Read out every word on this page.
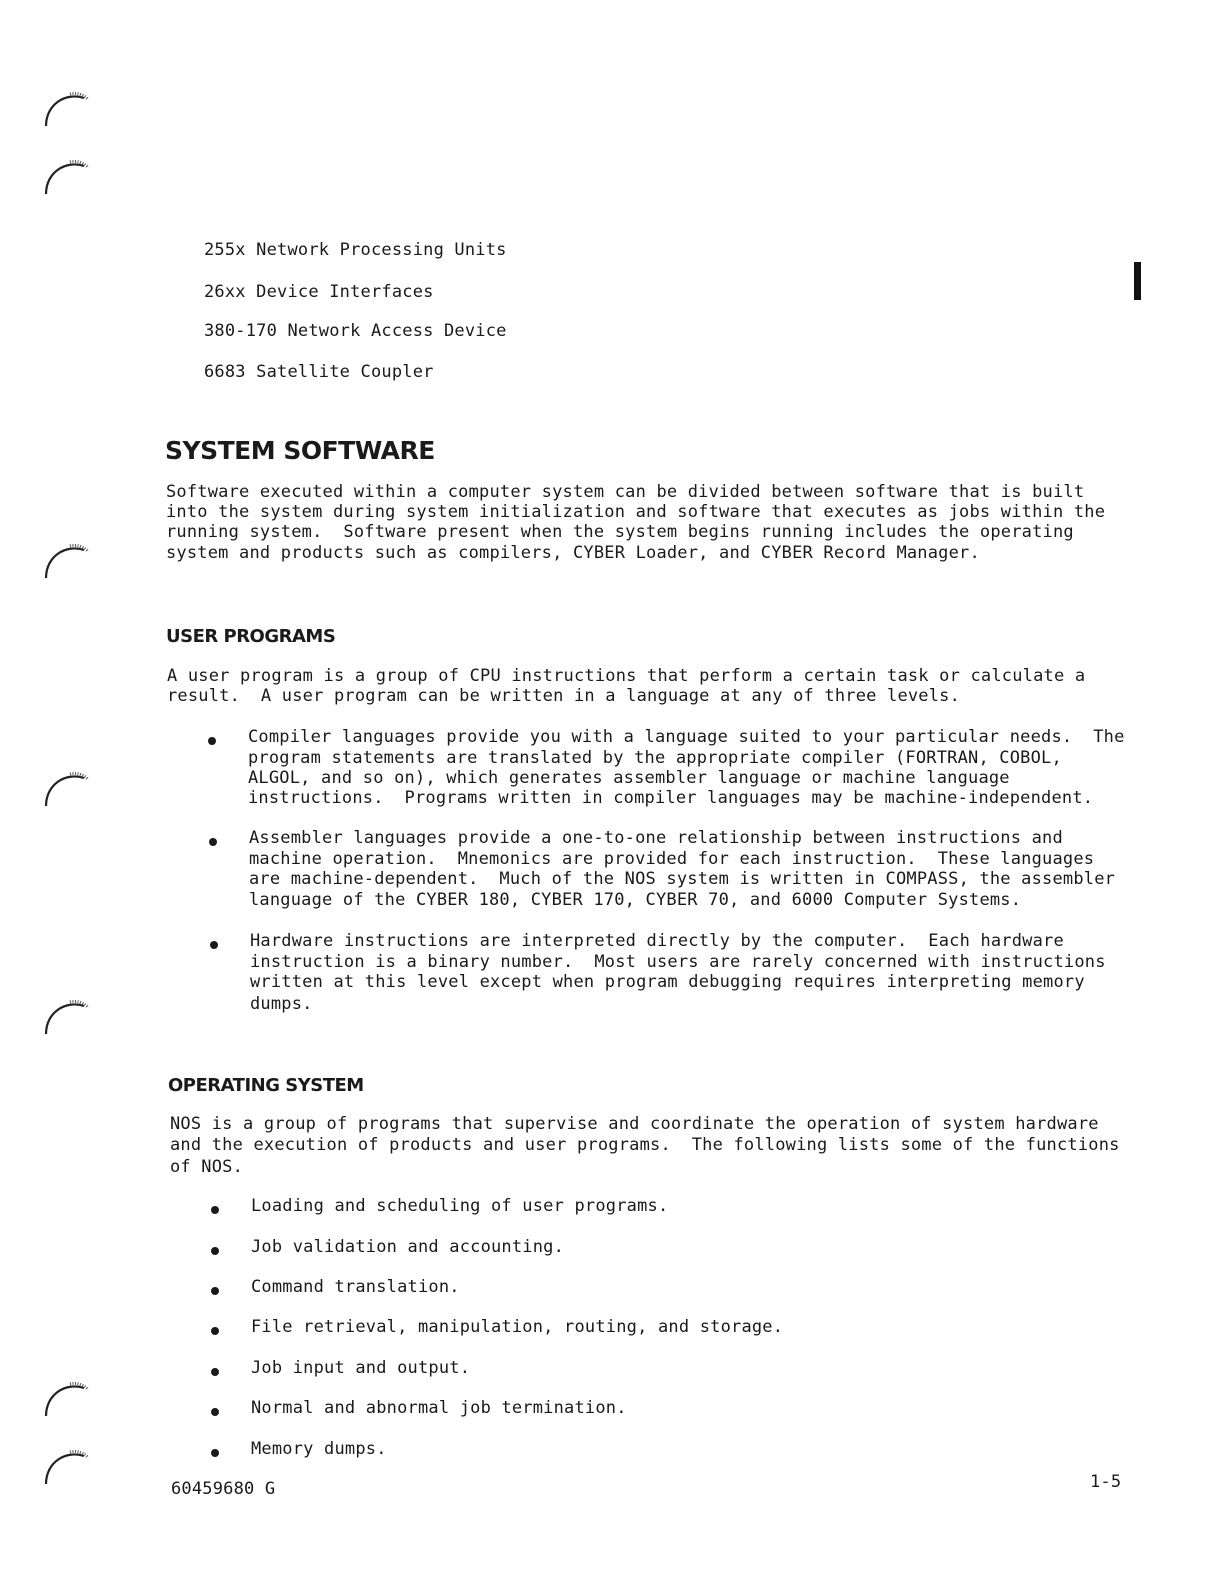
255x Network Processing Units
26xx Device Interfaces
380-170 Network Access Device
6683 Satellite Coupler
SYSTEM SOFTWARE
Software executed within a computer system can be divided between software that is built
into the system during system initialization and software that executes as jobs within the
running system.  Software present when the system begins running includes the operating
system and products such as compilers, CYBER Loader, and CYBER Record Manager.
USER PROGRAMS
A user program is a group of CPU instructions that perform a certain task or calculate a
result.  A user program can be written in a language at any of three levels.
Compiler languages provide you with a language suited to your particular needs.  The
program statements are translated by the appropriate compiler (FORTRAN, COBOL,
ALGOL, and so on), which generates assembler language or machine language
instructions.  Programs written in compiler languages may be machine-independent.
Assembler languages provide a one-to-one relationship between instructions and
machine operation.  Mnemonics are provided for each instruction.  These languages
are machine-dependent.  Much of the NOS system is written in COMPASS, the assembler
language of the CYBER 180, CYBER 170, CYBER 70, and 6000 Computer Systems.
Hardware instructions are interpreted directly by the computer.  Each hardware
instruction is a binary number.  Most users are rarely concerned with instructions
written at this level except when program debugging requires interpreting memory
dumps.
OPERATING SYSTEM
NOS is a group of programs that supervise and coordinate the operation of system hardware
and the execution of products and user programs.  The following lists some of the functions
of NOS.
Loading and scheduling of user programs.
Job validation and accounting.
Command translation.
File retrieval, manipulation, routing, and storage.
Job input and output.
Normal and abnormal job termination.
Memory dumps.
60459680 G	1-5
